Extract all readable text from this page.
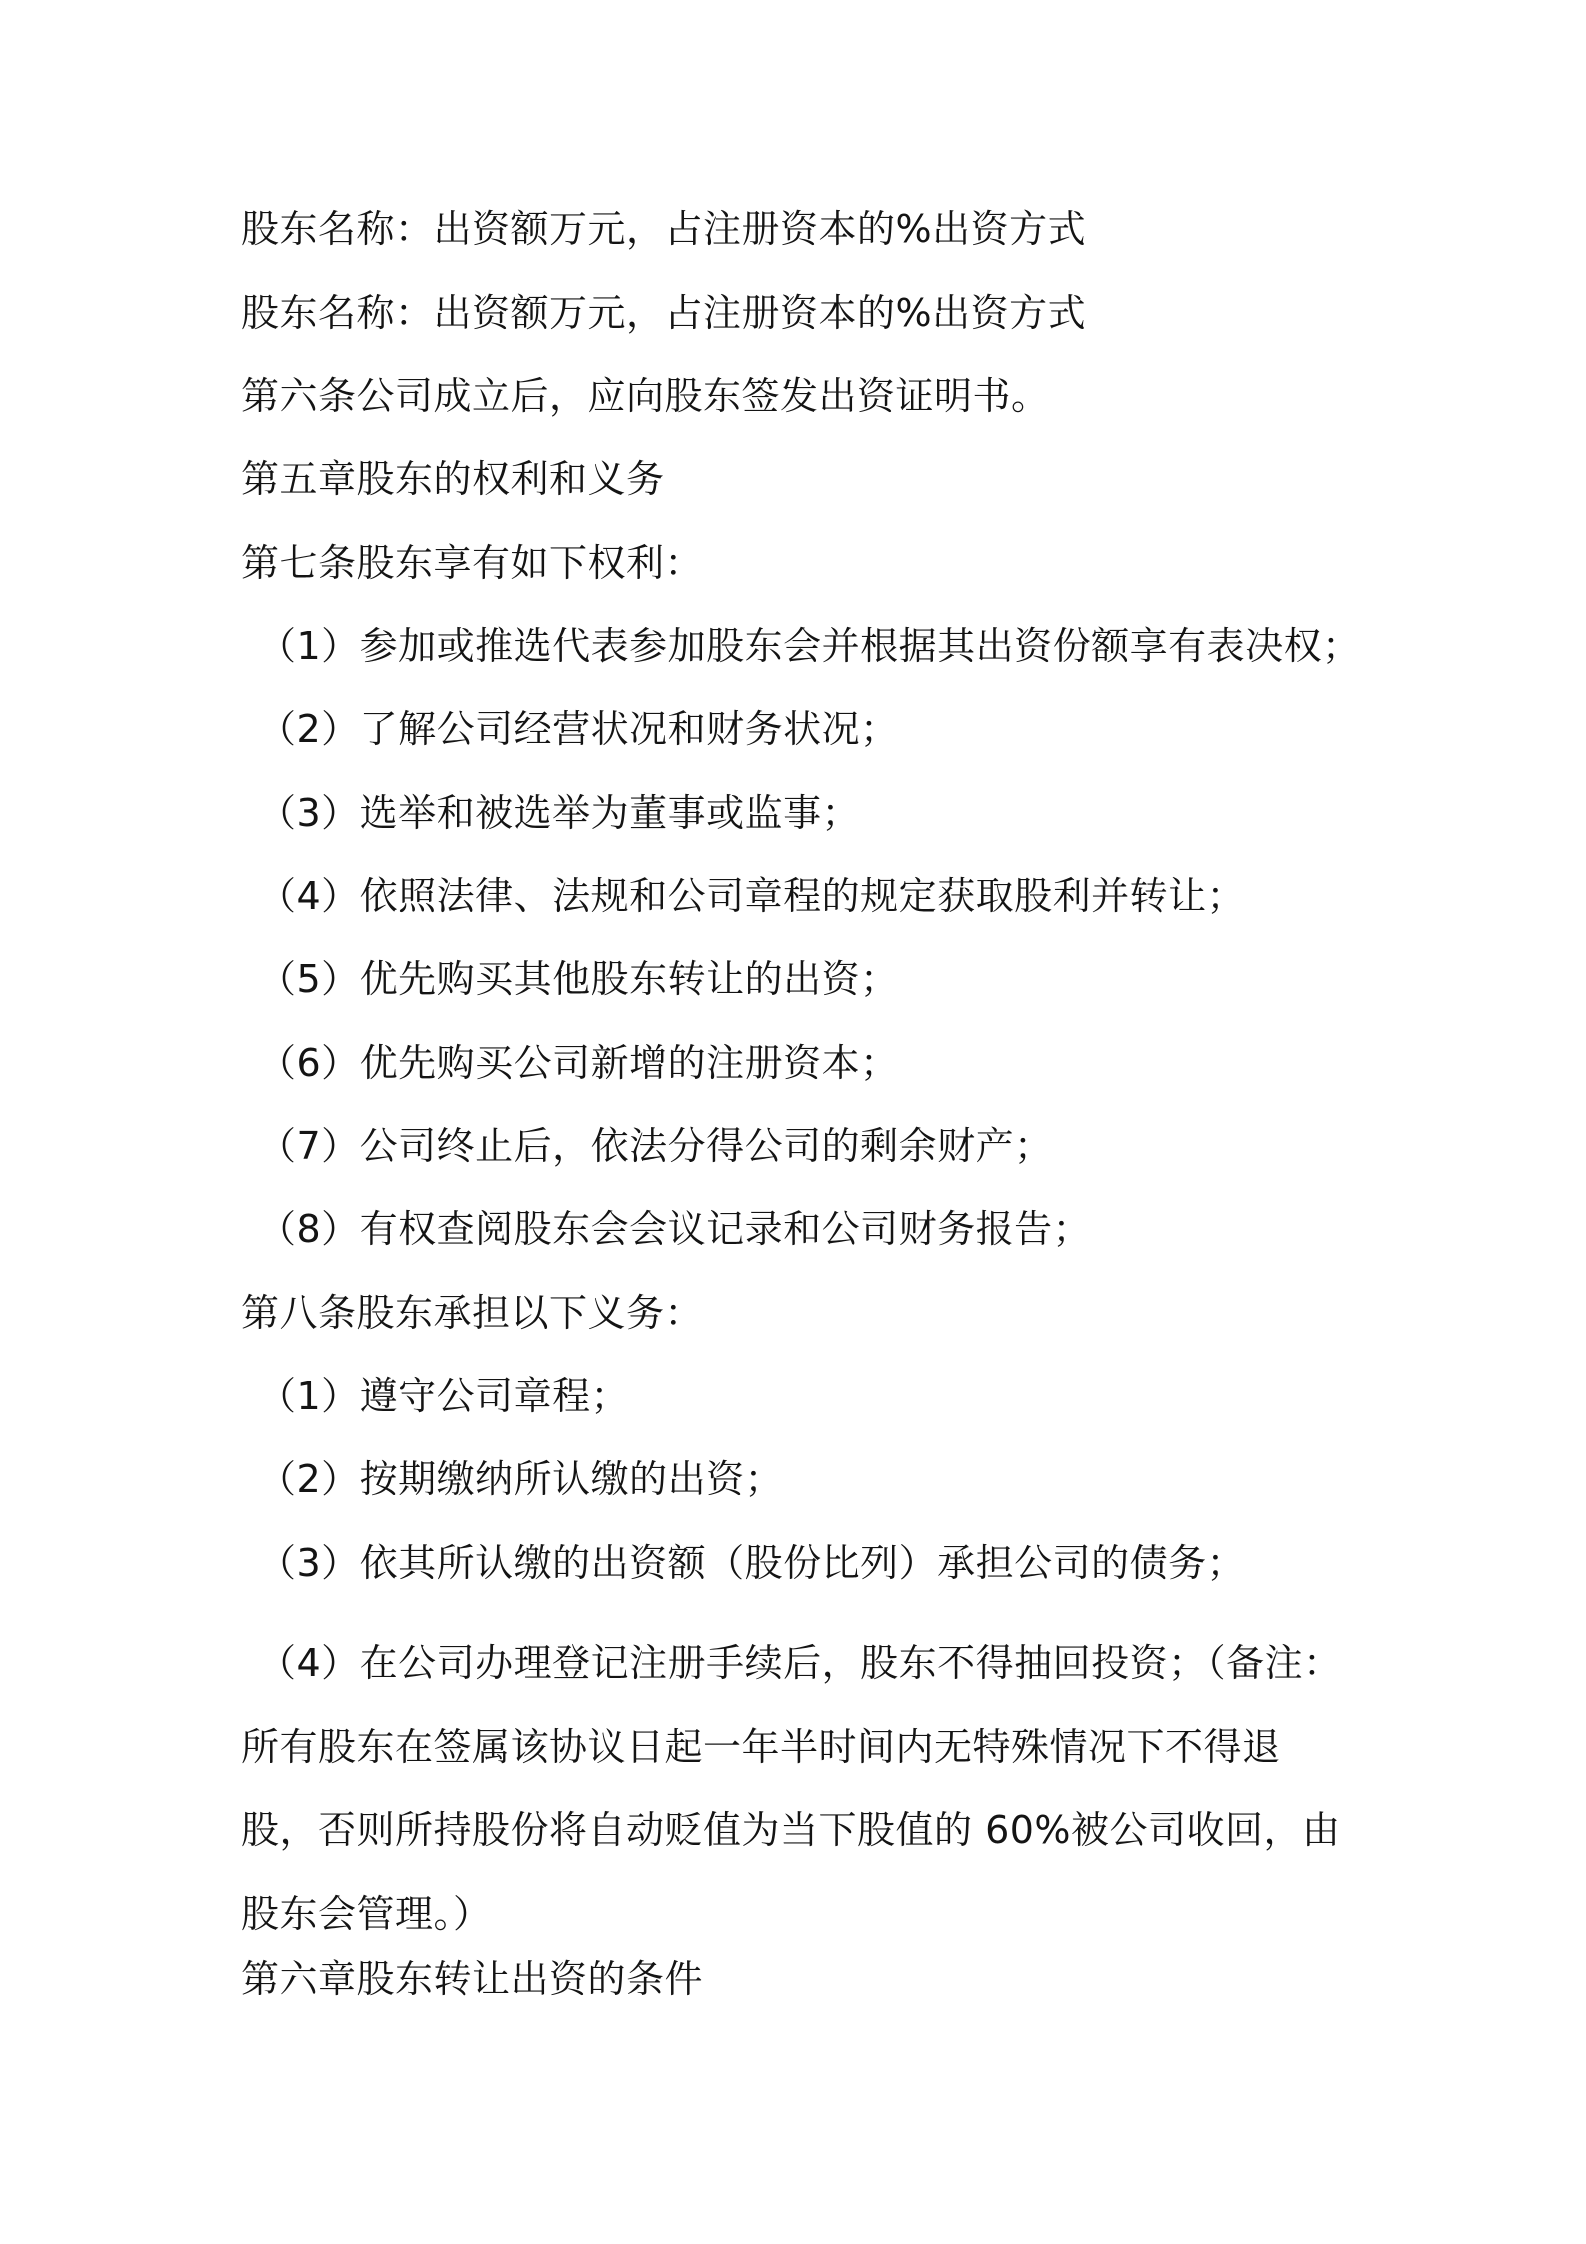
股东名称：出资额万元，占注册资本的%出资方式
股东名称：出资额万元，占注册资本的%出资方式
第六条公司成立后，应向股东签发出资证明书。
第五章股东的权利和义务
第七条股东享有如下权利：
（1）参加或推选代表参加股东会并根据其出资份额享有表决权；
（2）了解公司经营状况和财务状况；
（3）选举和被选举为董事或监事；
（4）依照法律、法规和公司章程的规定获取股利并转让；
（5）优先购买其他股东转让的出资；
（6）优先购买公司新增的注册资本；
（7）公司终止后，依法分得公司的剩余财产；
（8）有权查阅股东会会议记录和公司财务报告；
第八条股东承担以下义务：
（1）遵守公司章程；
（2）按期缴纳所认缴的出资；
（3）依其所认缴的出资额（股份比列）承担公司的债务；
（4）在公司办理登记注册手续后，股东不得抽回投资；（备注：所有股东在签属该协议日起一年半时间内无特殊情况下不得退股，否则所持股份将自动贬值为当下股值的 60%被公司收回，由股东会管理。）
第六章股东转让出资的条件
